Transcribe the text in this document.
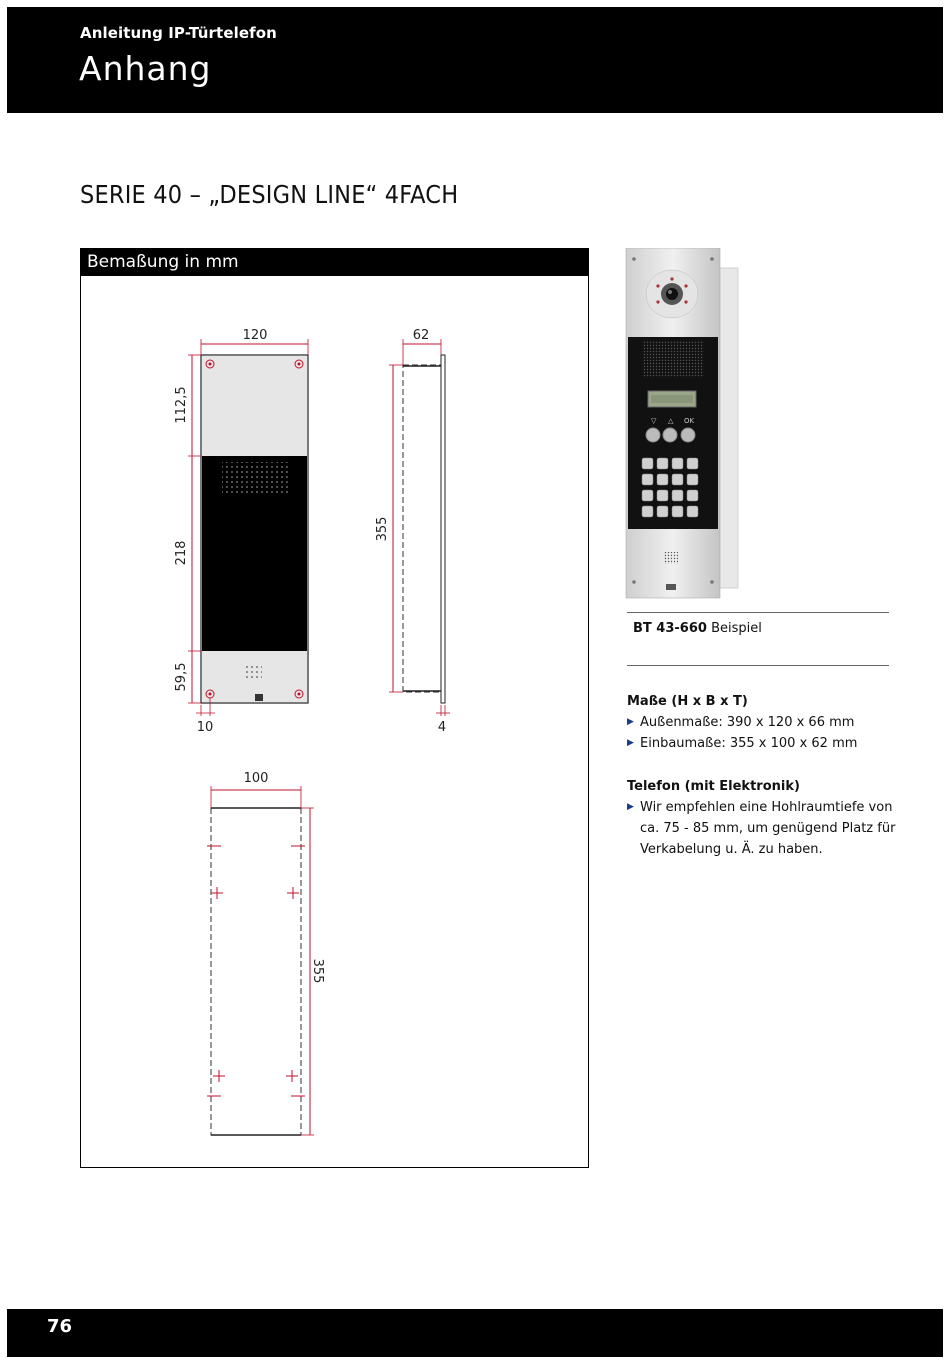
Anleitung IP-Türtelefon
Anhang
SERIE 40 – „DESIGN LINE“ 4FACH
Bemaßung in mm
120
112,5
218
59,5
10
62
355
4
100
355
▽ △ OK
BT 43-660 Beispiel
Maße (H x B x T)
▶ Außenmaße: 390 x 120 x 66 mm
▶ Einbaumaße: 355 x 100 x 62 mm
Telefon (mit Elektronik)
▶ Wir empfehlen eine Hohlraumtiefe von
ca. 75 - 85 mm, um genügend Platz für
Verkabelung u. Ä. zu haben.
76
